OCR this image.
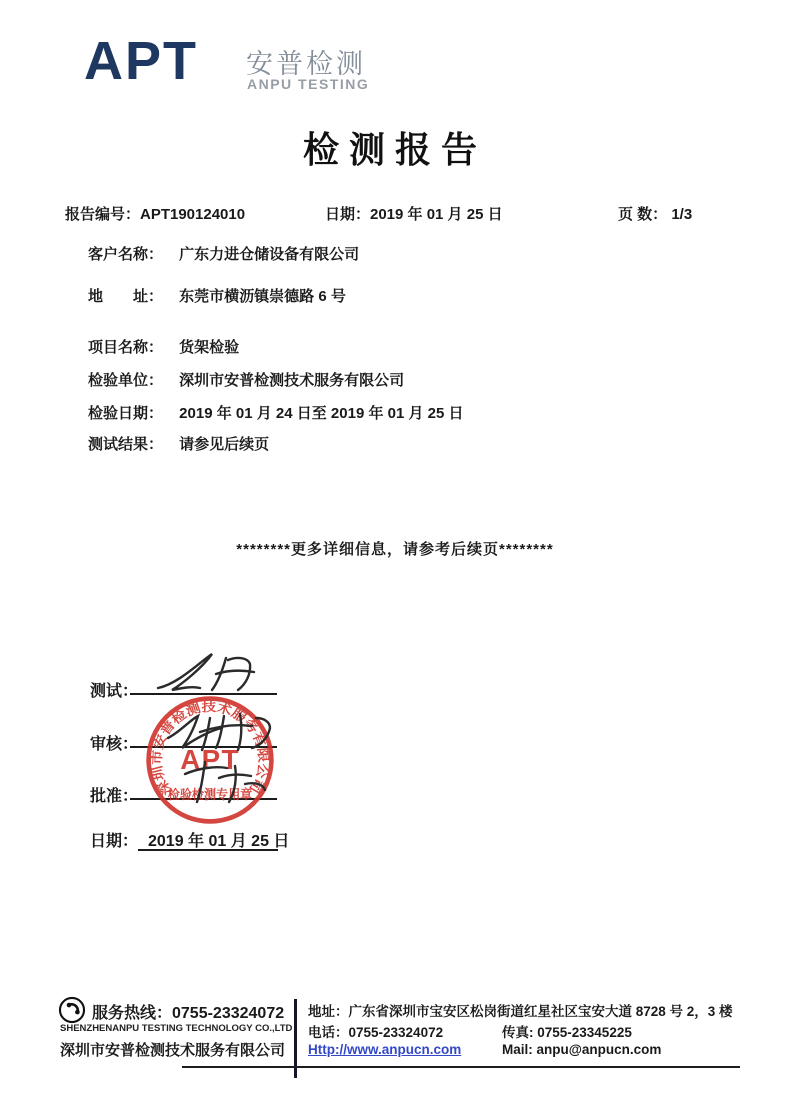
APT 安普检测
ANPU TESTING
检测报告
报告编号：APT190124010	日期：2019 年 01 月 25 日	页 数： 1/3
客户名称： 广东力进仓储设备有限公司
地　　址： 东莞市横沥镇崇德路 6 号
项目名称： 货架检验
检验单位： 深圳市安普检测技术服务有限公司
检验日期： 2019 年 01 月 24 日至 2019 年 01 月 25 日
测试结果： 请参见后续页
********更多详细信息，请参考后续页********
测试：
审核：
批准：
日期： 2019 年 01 月 25 日
深圳市安普检测技术服务有限公司
APT
检验检测专用章
服务热线：0755-23324072
SHENZHENANPU TESTING TECHNOLOGY CO.,LTD
深圳市安普检测技术服务有限公司
地址：广东省深圳市宝安区松岗街道红星社区宝安大道 8728 号 2，3 楼
电话：0755-23324072	传真: 0755-23345225
Http://www.anpucn.com	Mail: anpu@anpucn.com
